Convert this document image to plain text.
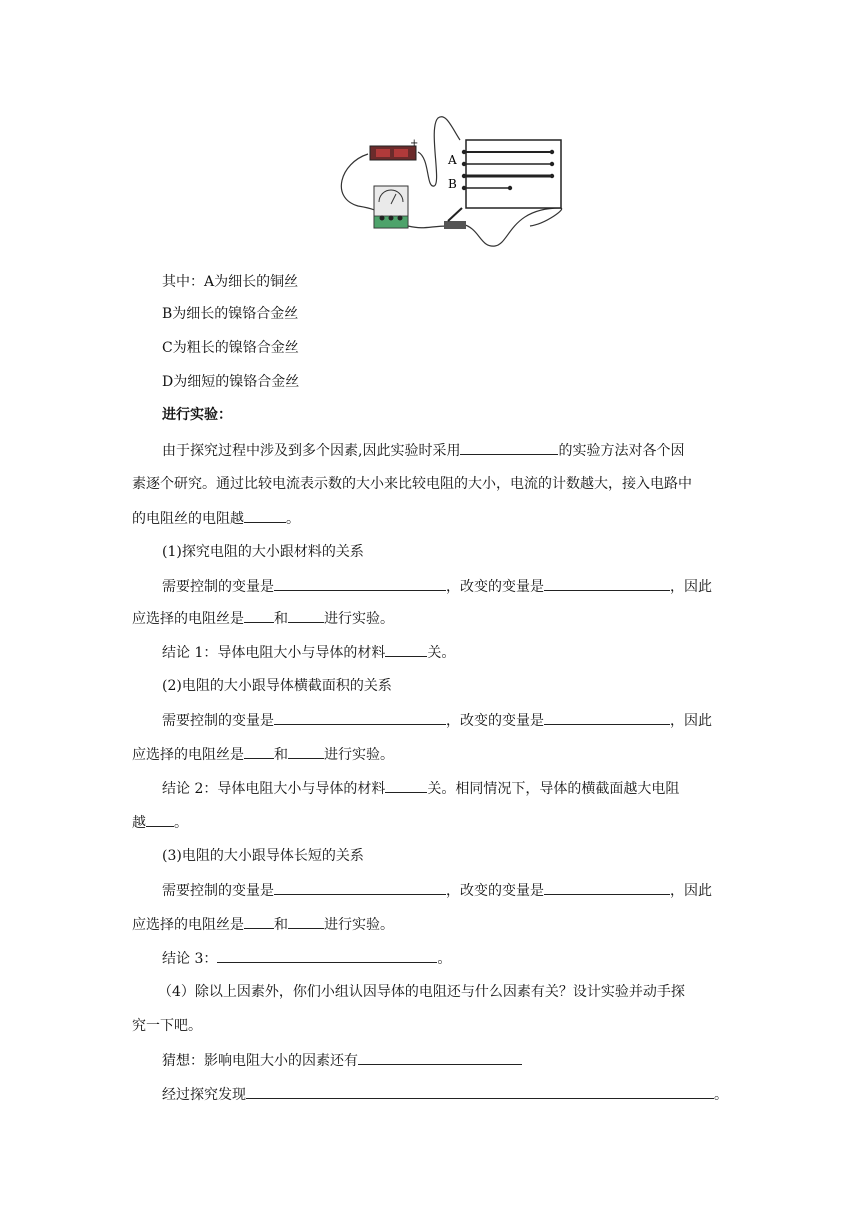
+
A
B
其中：A为细长的铜丝
B为细长的镍铬合金丝
C为粗长的镍铬合金丝
D为细短的镍铬合金丝
进行实验：
由于探究过程中涉及到多个因素,因此实验时采用	的实验方法对各个因
素逐个研究。通过比较电流表示数的大小来比较电阻的大小，电流的计数越大，接入电路中
的电阻丝的电阻越	。
(1)探究电阻的大小跟材料的关系
需要控制的变量是	，改变的变量是	，因此
应选择的电阻丝是 和	进行实验。
结论 1：导体电阻大小与导体的材料	关。
(2)电阻的大小跟导体横截面积的关系
需要控制的变量是	，改变的变量是	，因此
应选择的电阻丝是 和	进行实验。
结论 2：导体电阻大小与导体的材料	关。相同情况下，导体的横截面越大电阻
越 。
(3)电阻的大小跟导体长短的关系
需要控制的变量是	，改变的变量是	，因此
应选择的电阻丝是 和	进行实验。
结论 3：	。
（4）除以上因素外，你们小组认因导体的电阻还与什么因素有关？设计实验并动手探
究一下吧。
猜想：影响电阻大小的因素还有
经过探究发现	。
